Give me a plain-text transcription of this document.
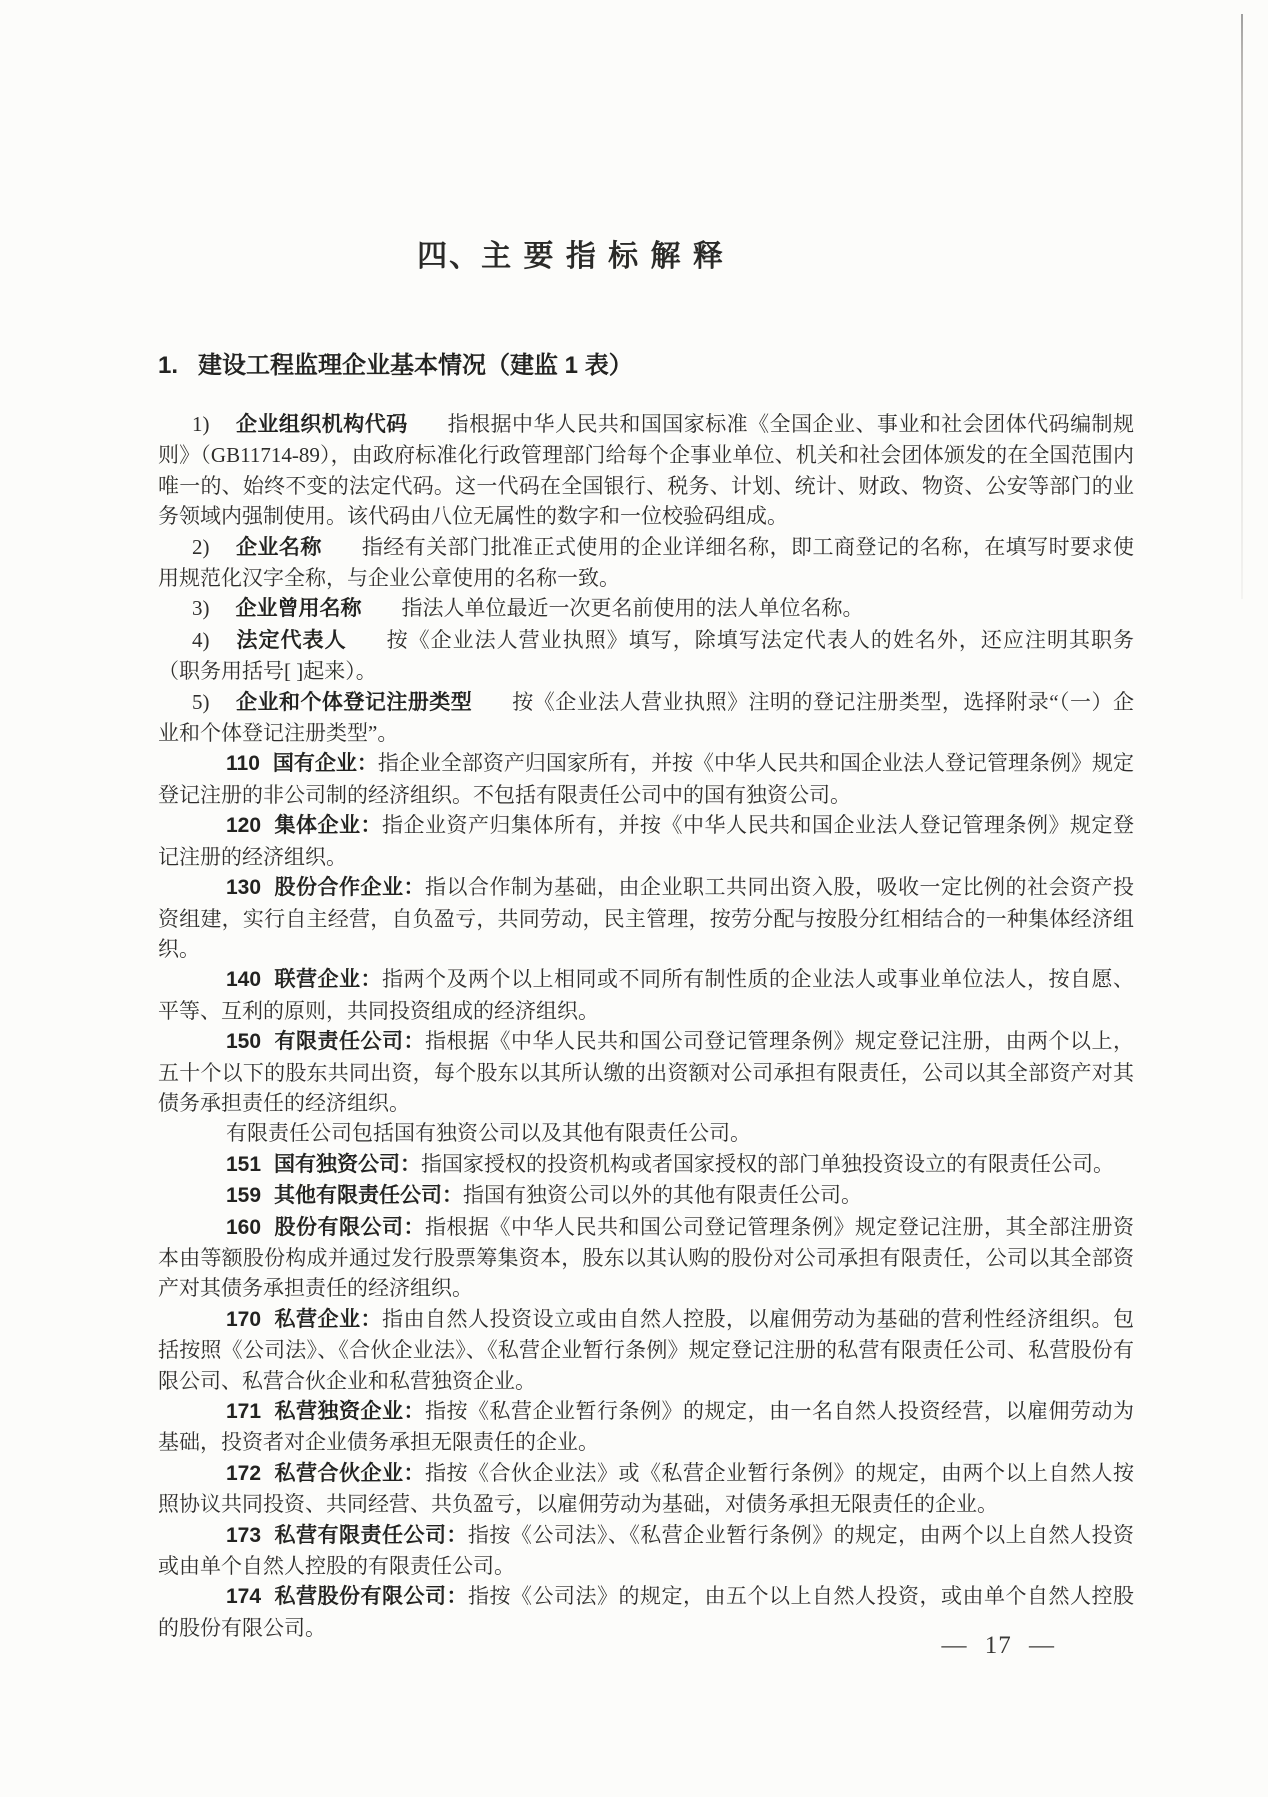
四、主 要 指 标 解 释
1. 建设工程监理企业基本情况（建监 1 表）

1) 企业组织机构代码 指根据中华人民共和国国家标准《全国企业、事业和社会团体代码编制规则》（GB11714-89），由政府标准化行政管理部门给每个企事业单位、机关和社会团体颁发的在全国范围内唯一的、始终不变的法定代码。这一代码在全国银行、税务、计划、统计、财政、物资、公安等部门的业务领域内强制使用。该代码由八位无属性的数字和一位校验码组成。

2) 企业名称 指经有关部门批准正式使用的企业详细名称，即工商登记的名称，在填写时要求使用规范化汉字全称，与企业公章使用的名称一致。

3) 企业曾用名称 指法人单位最近一次更名前使用的法人单位名称。

4) 法定代表人 按《企业法人营业执照》填写，除填写法定代表人的姓名外，还应注明其职务（职务用括号[ ]起来）。

5) 企业和个体登记注册类型 按《企业法人营业执照》注明的登记注册类型，选择附录“（一）企业和个体登记注册类型”。

110 国有企业：指企业全部资产归国家所有，并按《中华人民共和国企业法人登记管理条例》规定登记注册的非公司制的经济组织。不包括有限责任公司中的国有独资公司。

120 集体企业：指企业资产归集体所有，并按《中华人民共和国企业法人登记管理条例》规定登记注册的经济组织。

130 股份合作企业：指以合作制为基础，由企业职工共同出资入股，吸收一定比例的社会资产投资组建，实行自主经营，自负盈亏，共同劳动，民主管理，按劳分配与按股分红相结合的一种集体经济组织。

140 联营企业：指两个及两个以上相同或不同所有制性质的企业法人或事业单位法人，按自愿、平等、互利的原则，共同投资组成的经济组织。

150 有限责任公司：指根据《中华人民共和国公司登记管理条例》规定登记注册，由两个以上，五十个以下的股东共同出资，每个股东以其所认缴的出资额对公司承担有限责任，公司以其全部资产对其债务承担责任的经济组织。

有限责任公司包括国有独资公司以及其他有限责任公司。

151 国有独资公司：指国家授权的投资机构或者国家授权的部门单独投资设立的有限责任公司。

159 其他有限责任公司：指国有独资公司以外的其他有限责任公司。

160 股份有限公司：指根据《中华人民共和国公司登记管理条例》规定登记注册，其全部注册资本由等额股份构成并通过发行股票筹集资本，股东以其认购的股份对公司承担有限责任，公司以其全部资产对其债务承担责任的经济组织。

170 私营企业：指由自然人投资设立或由自然人控股，以雇佣劳动为基础的营利性经济组织。包括按照《公司法》、《合伙企业法》、《私营企业暂行条例》规定登记注册的私营有限责任公司、私营股份有限公司、私营合伙企业和私营独资企业。

171 私营独资企业：指按《私营企业暂行条例》的规定，由一名自然人投资经营，以雇佣劳动为基础，投资者对企业债务承担无限责任的企业。

172 私营合伙企业：指按《合伙企业法》或《私营企业暂行条例》的规定，由两个以上自然人按照协议共同投资、共同经营、共负盈亏，以雇佣劳动为基础，对债务承担无限责任的企业。

173 私营有限责任公司：指按《公司法》、《私营企业暂行条例》的规定，由两个以上自然人投资或由单个自然人控股的有限责任公司。

174 私营股份有限公司：指按《公司法》的规定，由五个以上自然人投资，或由单个自然人控股的股份有限公司。

— 17 —
